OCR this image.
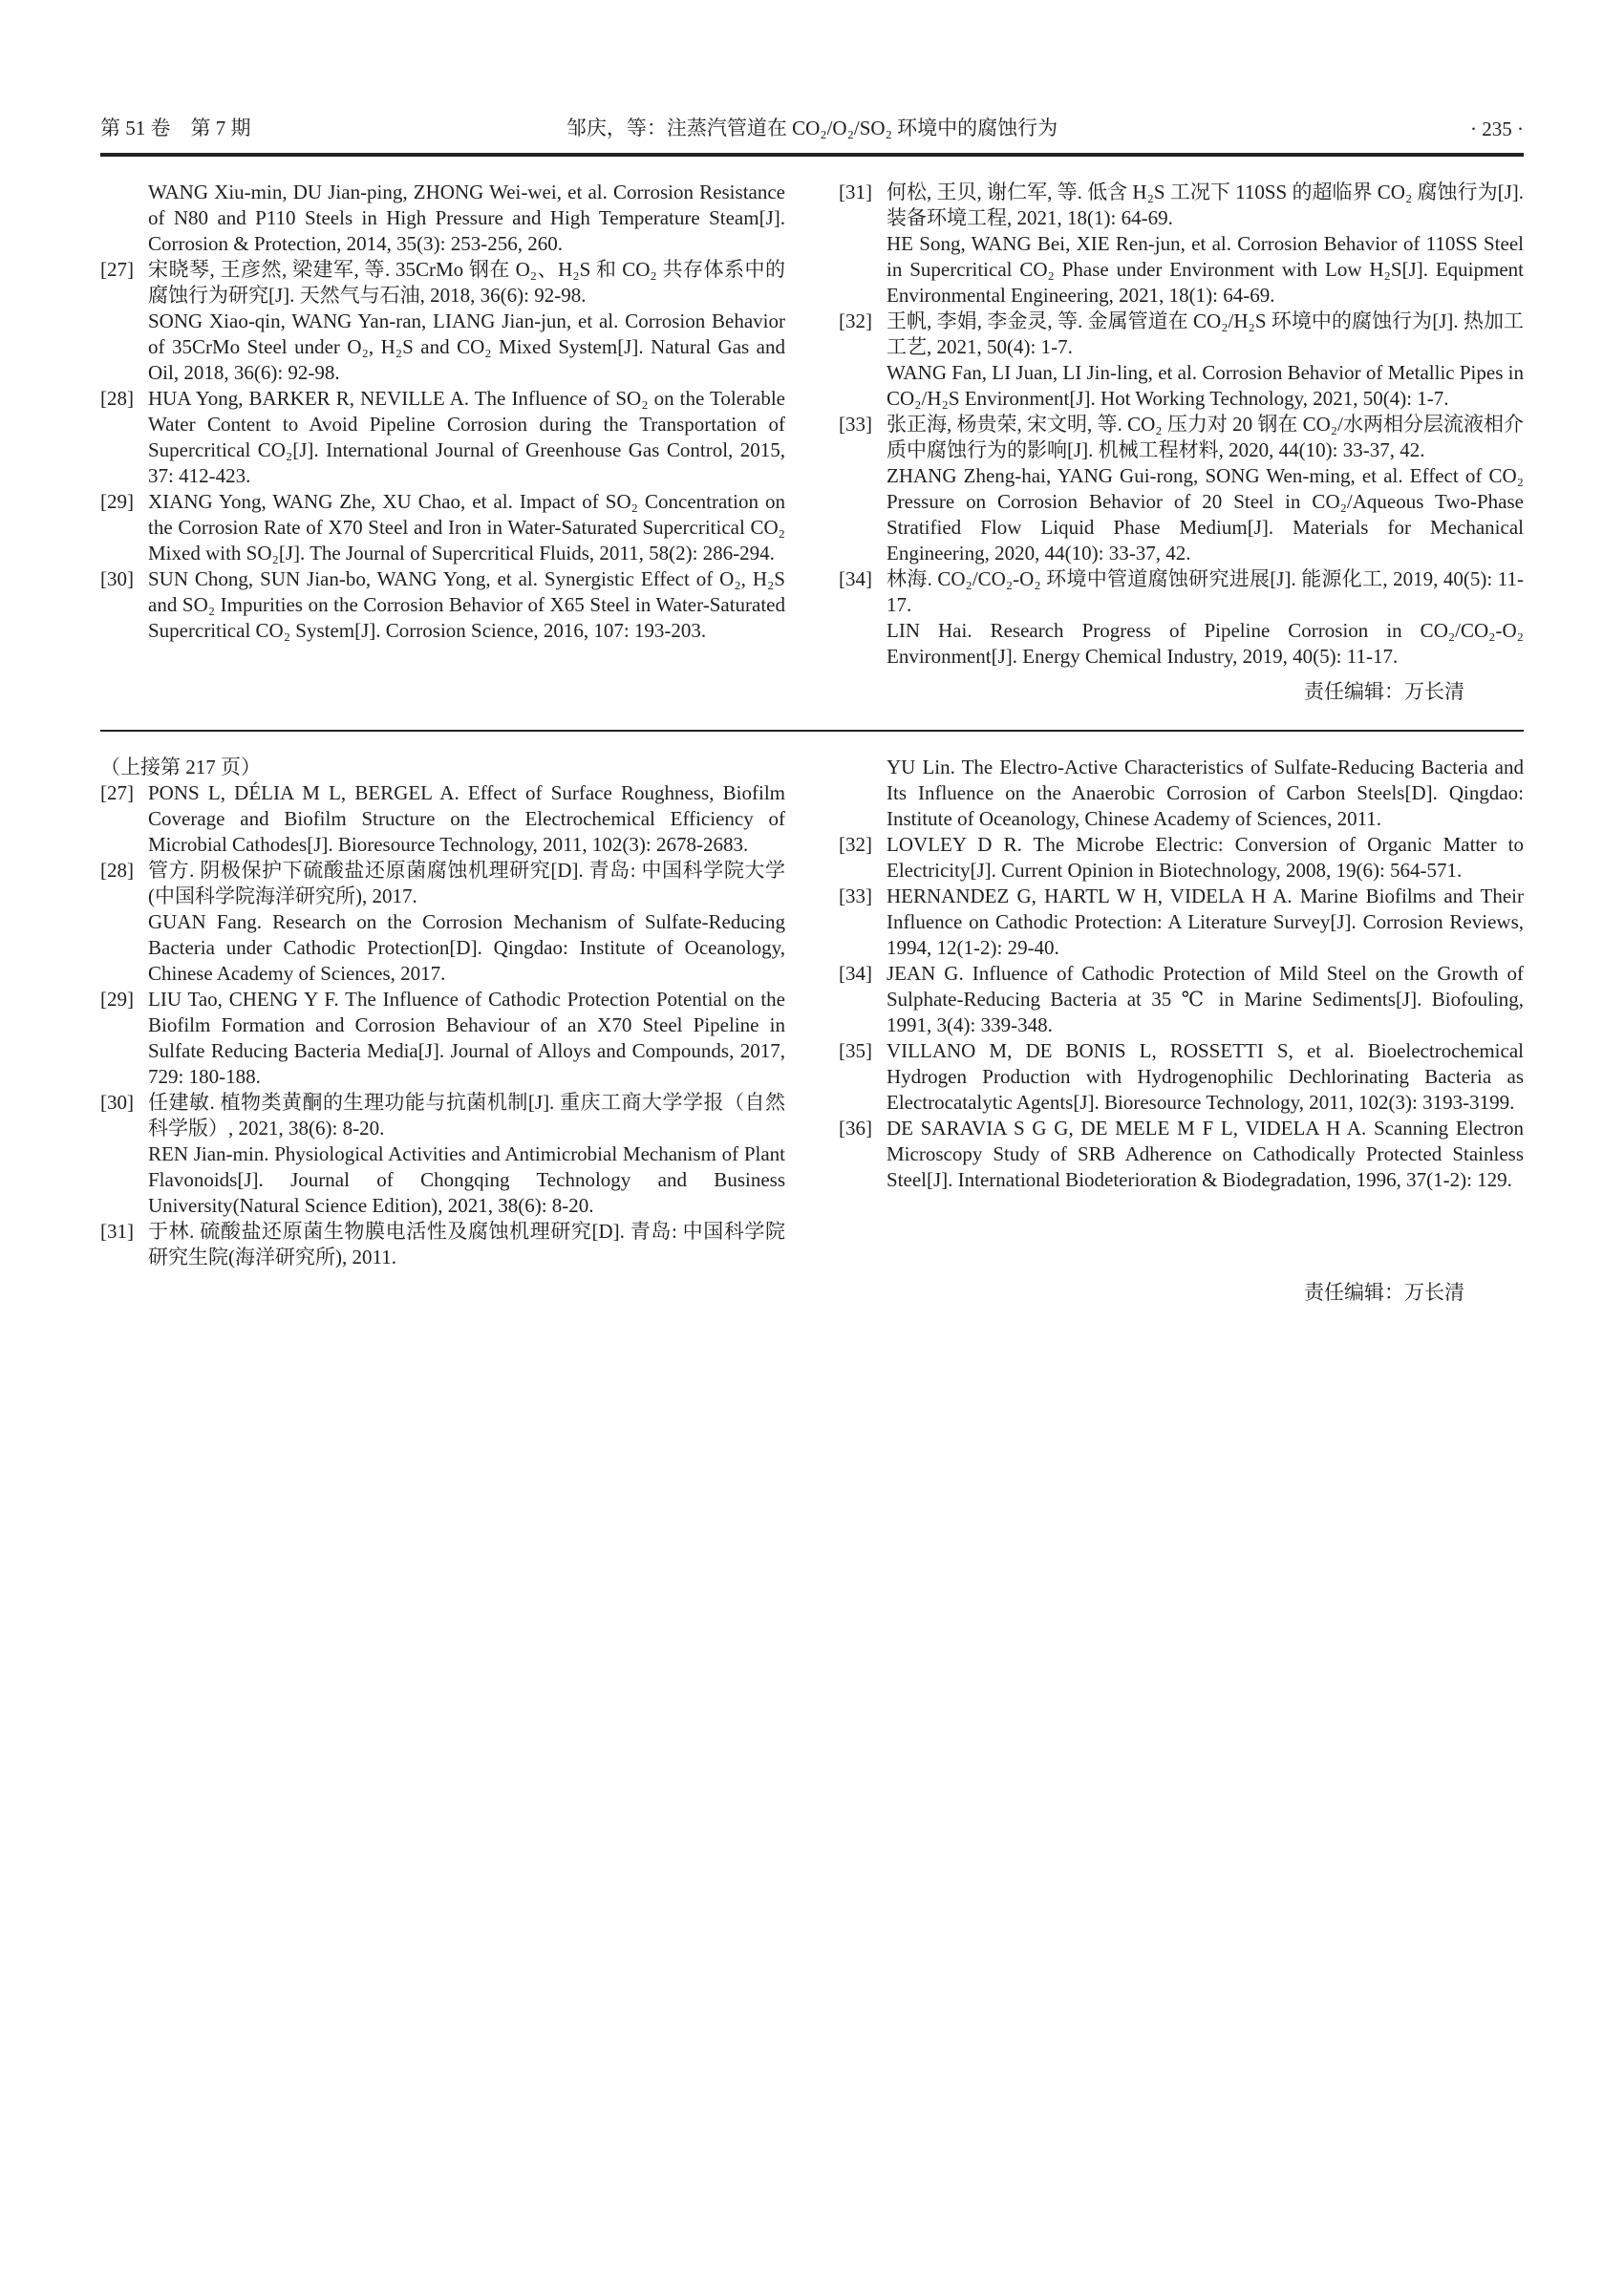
第 51 卷　第 7 期	邹庆，等：注蒸汽管道在 CO₂/O₂/SO₂ 环境中的腐蚀行为	· 235 ·
WANG Xiu-min, DU Jian-ping, ZHONG Wei-wei, et al. Corrosion Resistance of N80 and P110 Steels in High Pressure and High Temperature Steam[J]. Corrosion & Protection, 2014, 35(3): 253-256, 260.
[27] 宋晓琴, 王彦然, 梁建军, 等. 35CrMo 钢在 O₂、H₂S 和 CO₂ 共存体系中的腐蚀行为研究[J]. 天然气与石油, 2018, 36(6): 92-98.
SONG Xiao-qin, WANG Yan-ran, LIANG Jian-jun, et al. Corrosion Behavior of 35CrMo Steel under O₂, H₂S and CO₂ Mixed System[J]. Natural Gas and Oil, 2018, 36(6): 92-98.
[28] HUA Yong, BARKER R, NEVILLE A. The Influence of SO₂ on the Tolerable Water Content to Avoid Pipeline Corrosion during the Transportation of Supercritical CO₂[J]. International Journal of Greenhouse Gas Control, 2015, 37: 412-423.
[29] XIANG Yong, WANG Zhe, XU Chao, et al. Impact of SO₂ Concentration on the Corrosion Rate of X70 Steel and Iron in Water-Saturated Supercritical CO₂ Mixed with SO₂[J]. The Journal of Supercritical Fluids, 2011, 58(2): 286-294.
[30] SUN Chong, SUN Jian-bo, WANG Yong, et al. Synergistic Effect of O₂, H₂S and SO₂ Impurities on the Corrosion Behavior of X65 Steel in Water-Saturated Supercritical CO₂ System[J]. Corrosion Science, 2016, 107: 193-203.
[31] 何松, 王贝, 谢仁军, 等. 低含 H₂S 工况下 110SS 的超临界 CO₂ 腐蚀行为[J]. 装备环境工程, 2021, 18(1): 64-69.
HE Song, WANG Bei, XIE Ren-jun, et al. Corrosion Behavior of 110SS Steel in Supercritical CO₂ Phase under Environment with Low H₂S[J]. Equipment Environmental Engineering, 2021, 18(1): 64-69.
[32] 王帆, 李娟, 李金灵, 等. 金属管道在 CO₂/H₂S 环境中的腐蚀行为[J]. 热加工工艺, 2021, 50(4): 1-7.
WANG Fan, LI Juan, LI Jin-ling, et al. Corrosion Behavior of Metallic Pipes in CO₂/H₂S Environment[J]. Hot Working Technology, 2021, 50(4): 1-7.
[33] 张正海, 杨贵荣, 宋文明, 等. CO₂ 压力对 20 钢在 CO₂/水两相分层流液相介质中腐蚀行为的影响[J]. 机械工程材料, 2020, 44(10): 33-37, 42.
ZHANG Zheng-hai, YANG Gui-rong, SONG Wen-ming, et al. Effect of CO₂ Pressure on Corrosion Behavior of 20 Steel in CO₂/Aqueous Two-Phase Stratified Flow Liquid Phase Medium[J]. Materials for Mechanical Engineering, 2020, 44(10): 33-37, 42.
[34] 林海. CO₂/CO₂-O₂ 环境中管道腐蚀研究进展[J]. 能源化工, 2019, 40(5): 11-17.
LIN Hai. Research Progress of Pipeline Corrosion in CO₂/CO₂-O₂ Environment[J]. Energy Chemical Industry, 2019, 40(5): 11-17.
责任编辑：万长清
（上接第 217 页）
[27] PONS L, DÉLIA M L, BERGEL A. Effect of Surface Roughness, Biofilm Coverage and Biofilm Structure on the Electrochemical Efficiency of Microbial Cathodes[J]. Bioresource Technology, 2011, 102(3): 2678-2683.
[28] 管方. 阴极保护下硫酸盐还原菌腐蚀机理研究[D]. 青岛: 中国科学院大学(中国科学院海洋研究所), 2017.
GUAN Fang. Research on the Corrosion Mechanism of Sulfate-Reducing Bacteria under Cathodic Protection[D]. Qingdao: Institute of Oceanology, Chinese Academy of Sciences, 2017.
[29] LIU Tao, CHENG Y F. The Influence of Cathodic Protection Potential on the Biofilm Formation and Corrosion Behaviour of an X70 Steel Pipeline in Sulfate Reducing Bacteria Media[J]. Journal of Alloys and Compounds, 2017, 729: 180-188.
[30] 任建敏. 植物类黄酮的生理功能与抗菌机制[J]. 重庆工商大学学报（自然科学版）, 2021, 38(6): 8-20.
REN Jian-min. Physiological Activities and Antimicrobial Mechanism of Plant Flavonoids[J]. Journal of Chongqing Technology and Business University(Natural Science Edition), 2021, 38(6): 8-20.
[31] 于林. 硫酸盐还原菌生物膜电活性及腐蚀机理研究[D]. 青岛: 中国科学院研究生院(海洋研究所), 2011.
YU Lin. The Electro-Active Characteristics of Sulfate-Reducing Bacteria and Its Influence on the Anaerobic Corrosion of Carbon Steels[D]. Qingdao: Institute of Oceanology, Chinese Academy of Sciences, 2011.
[32] LOVLEY D R. The Microbe Electric: Conversion of Organic Matter to Electricity[J]. Current Opinion in Biotechnology, 2008, 19(6): 564-571.
[33] HERNANDEZ G, HARTL W H, VIDELA H A. Marine Biofilms and Their Influence on Cathodic Protection: A Literature Survey[J]. Corrosion Reviews, 1994, 12(1-2): 29-40.
[34] JEAN G. Influence of Cathodic Protection of Mild Steel on the Growth of Sulphate-Reducing Bacteria at 35 ℃ in Marine Sediments[J]. Biofouling, 1991, 3(4): 339-348.
[35] VILLANO M, DE BONIS L, ROSSETTI S, et al. Bioelectrochemical Hydrogen Production with Hydrogenophilic Dechlorinating Bacteria as Electrocatalytic Agents[J]. Bioresource Technology, 2011, 102(3): 3193-3199.
[36] DE SARAVIA S G G, DE MELE M F L, VIDELA H A. Scanning Electron Microscopy Study of SRB Adherence on Cathodically Protected Stainless Steel[J]. International Biodeterioration & Biodegradation, 1996, 37(1-2): 129.
责任编辑：万长清
